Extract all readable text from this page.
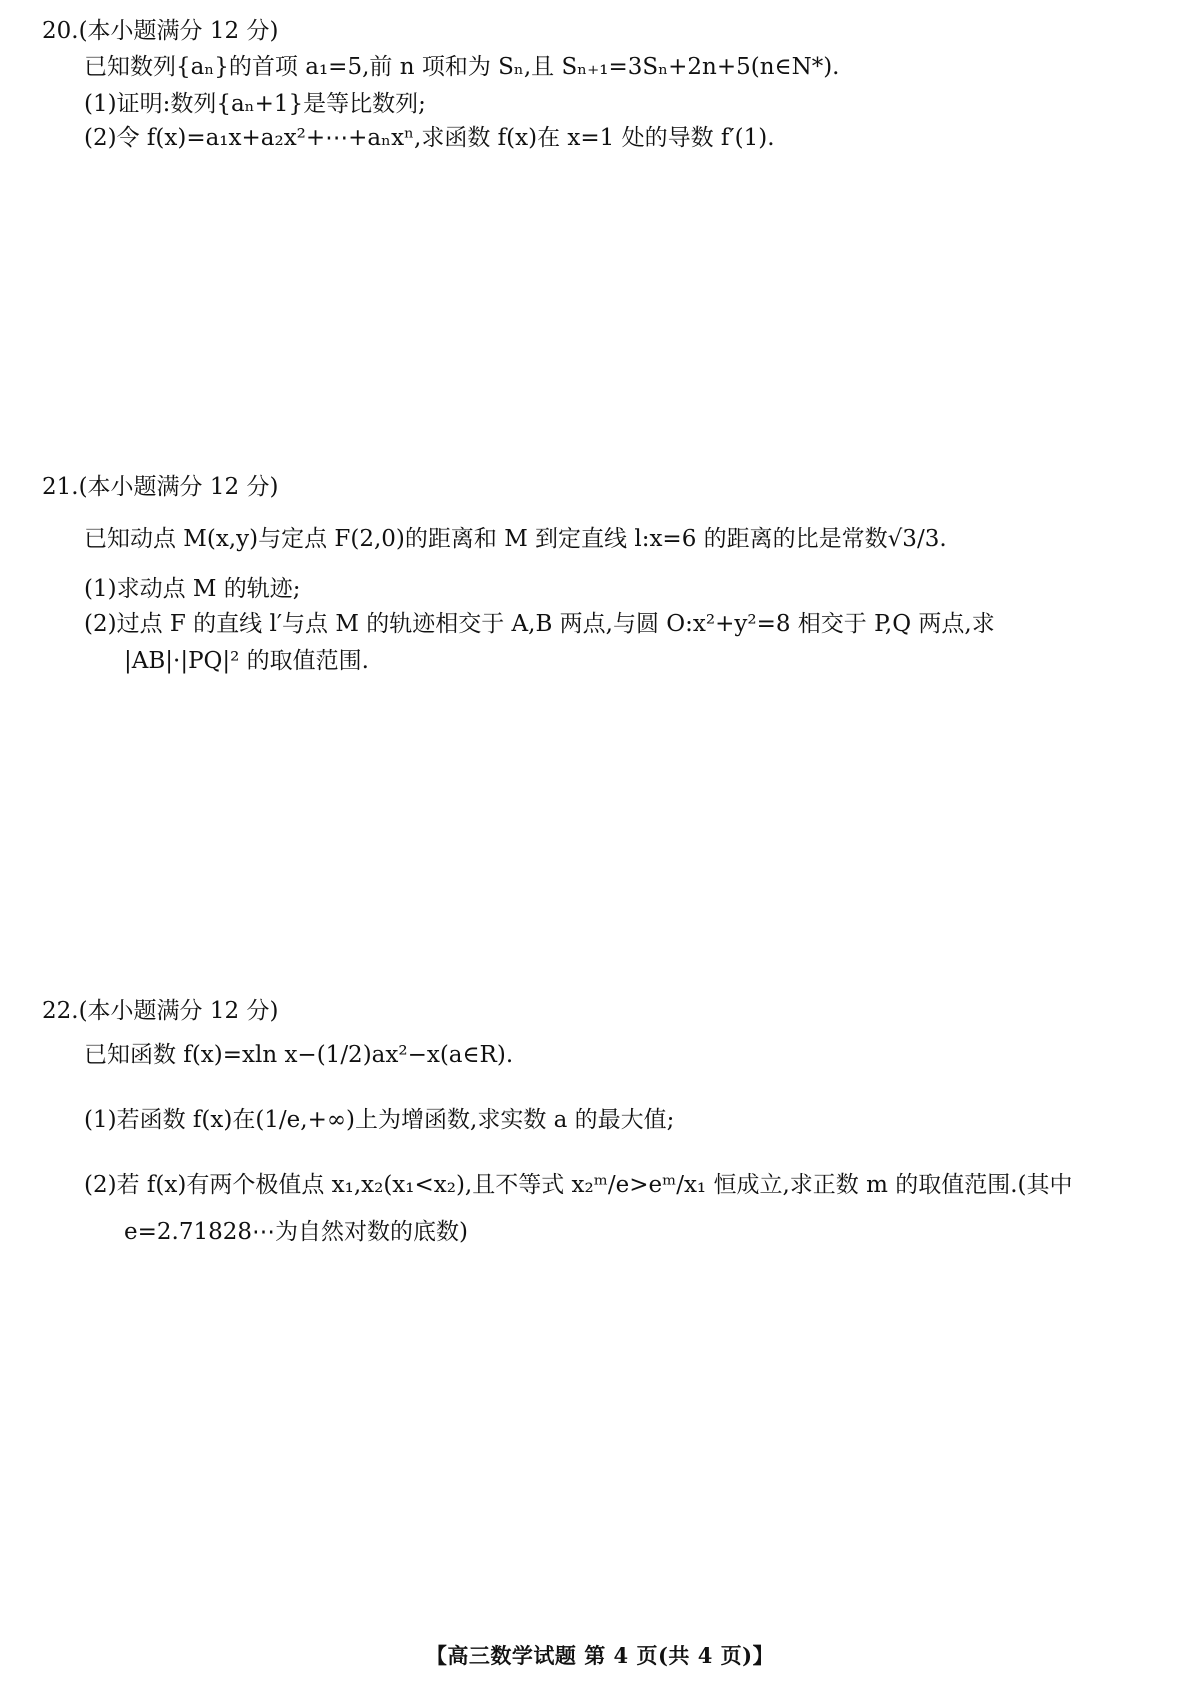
20.(本小题满分 12 分)
已知数列{aₙ}的首项 a₁=5,前 n 项和为 Sₙ,且 Sₙ₊₁=3Sₙ+2n+5(n∈N*).
(1)证明:数列{aₙ+1}是等比数列;
(2)令 f(x)=a₁x+a₂x²+⋯+aₙxⁿ,求函数 f(x)在 x=1 处的导数 f′(1).
21.(本小题满分 12 分)
已知动点 M(x,y)与定点 F(2,0)的距离和 M 到定直线 l:x=6 的距离的比是常数√3/3.
(1)求动点 M 的轨迹;
(2)过点 F 的直线 l′与点 M 的轨迹相交于 A,B 两点,与圆 O:x²+y²=8 相交于 P,Q 两点,求
|AB|·|PQ|² 的取值范围.
22.(本小题满分 12 分)
已知函数 f(x)=xln x−(1/2)ax²−x(a∈R).
(1)若函数 f(x)在(1/e,+∞)上为增函数,求实数 a 的最大值;
(2)若 f(x)有两个极值点 x₁,x₂(x₁<x₂),且不等式 x₂ᵐ/e>eᵐ/x₁ 恒成立,求正数 m 的取值范围.(其中
e=2.71828⋯为自然对数的底数)
【高三数学试题 第 4 页(共 4 页)】
